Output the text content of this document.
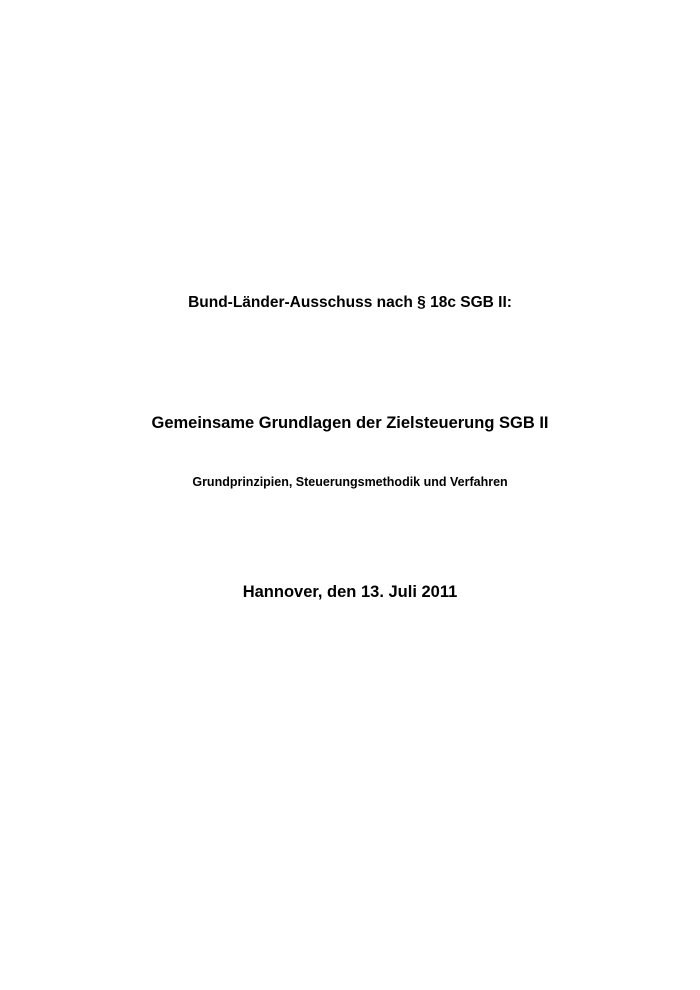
Bund-Länder-Ausschuss nach § 18c SGB II:

Gemeinsame Grundlagen der Zielsteuerung SGB II

Grundprinzipien, Steuerungsmethodik und Verfahren

Hannover, den 13. Juli 2011
